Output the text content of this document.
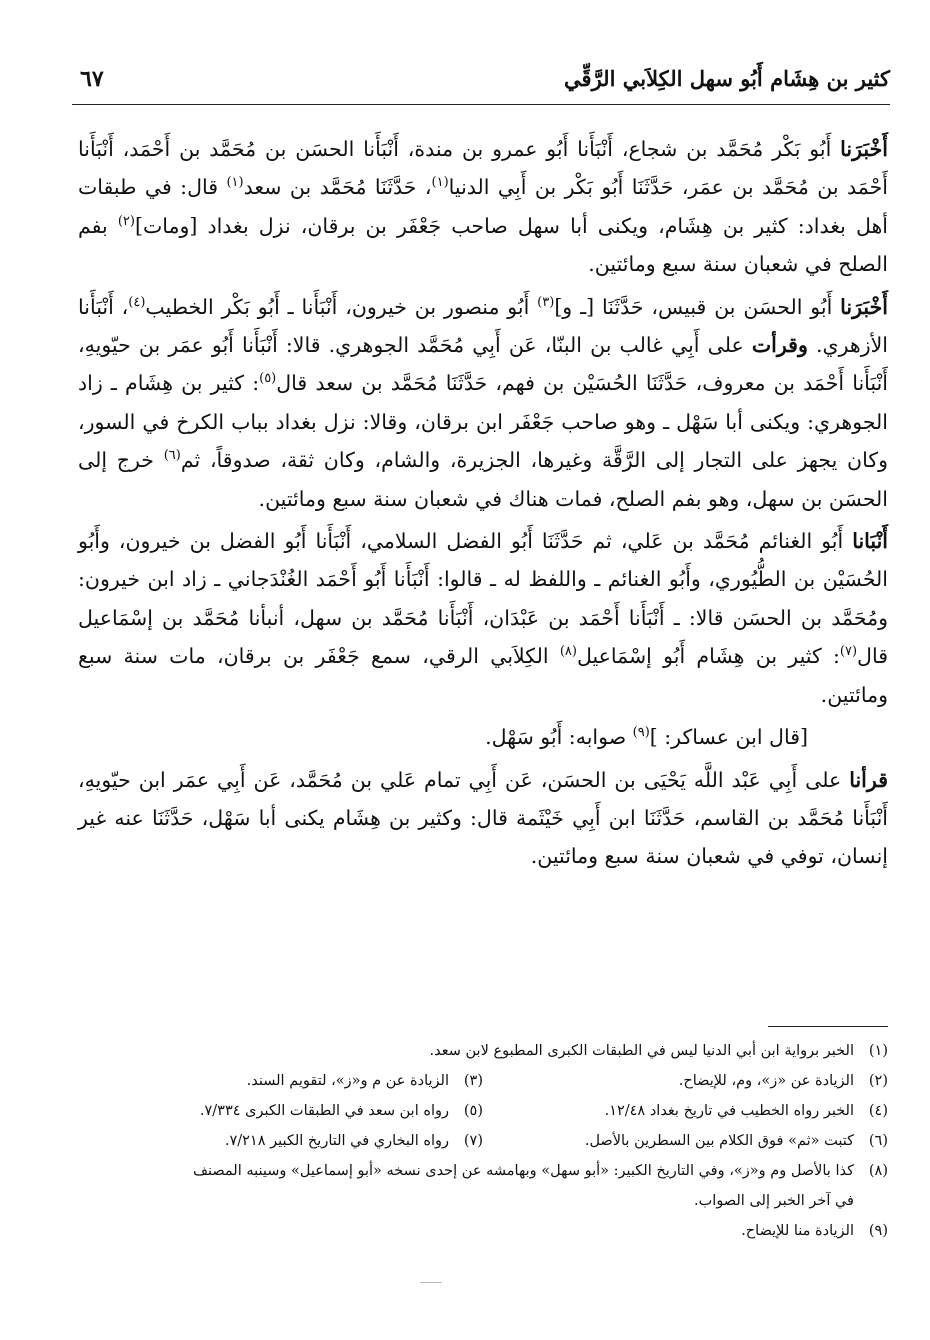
كثير بن هِشَام أَبُو سهل الكِلاَبي الرَّقِّي
٦٧

أَخْبَرَنا أَبُو بَكْر مُحَمَّد بن شجاع، أَنْبَأَنا أَبُو عمرو بن مندة، أَنْبَأَنا الحسَن بن مُحَمَّد بن أَحْمَد، أَنْبَأَنا أَحْمَد بن مُحَمَّد بن عمَر، حَدَّثَنَا أَبُو بَكْر بن أَبِي الدنيا$^{(١)}$، حَدَّثَنَا مُحَمَّد بن سعد$^{(١)}$ قال: في طبقات أهل بغداد: كثير بن هِشَام، ويكنى أبا سهل صاحب جَعْفَر بن برقان، نزل بغداد [ومات]$^{(٢)}$ بفم الصلح في شعبان سنة سبع ومائتين.

أَخْبَرَنا أَبُو الحسَن بن قبيس، حَدَّثَنَا [ـ و]$^{(٣)}$ أَبُو منصور بن خيرون، أَنْبَأَنا ـ أَبُو بَكْر الخطيب$^{(٤)}$، أَنْبَأَنا الأزهري. وقرأت على أَبِي غالب بن البنّا، عَن أَبِي مُحَمَّد الجوهري. قالا: أَنْبَأَنا أَبُو عمَر بن حيّويهِ، أَنْبَأَنا أَحْمَد بن معروف، حَدَّثَنَا الحُسَيْن بن فهم، حَدَّثَنَا مُحَمَّد بن سعد قال$^{(٥)}$: كثير بن هِشَام ـ زاد الجوهري: ويكنى أبا سَهْل ـ وهو صاحب جَعْفَر ابن برقان، وقالا: نزل بغداد بباب الكرخ في السور، وكان يجهز على التجار إلى الرَّقَّة وغيرها، الجزيرة، والشام، وكان ثقة، صدوقاً، ثم$^{(٦)}$ خرج إلى الحسَن بن سهل، وهو بفم الصلح، فمات هناك في شعبان سنة سبع ومائتين.

أَنْبَانا أَبُو الغنائم مُحَمَّد بن عَلي، ثم حَدَّثَنَا أَبُو الفضل السلامي، أَنْبَأَنا أَبُو الفضل بن خيرون، وأَبُو الحُسَيْن بن الطُّيُوري، وأَبُو الغنائم ـ واللفظ له ـ قالوا: أَنْبَأَنا أَبُو أَحْمَد الغُنْدَجاني ـ زاد ابن خيرون: ومُحَمَّد بن الحسَن قالا: ـ أَنْبَأَنا أَحْمَد بن عَبْدَان، أَنْبَأَنا مُحَمَّد بن سهل، أنبأنا مُحَمَّد بن إسْمَاعيل قال$^{(٧)}$: كثير بن هِشَام أَبُو إسْمَاعيل$^{(٨)}$ الكِلاَبي الرقي، سمع جَعْفَر بن برقان، مات سنة سبع ومائتين.

[قال ابن عساكر: ]$^{(٩)}$ صوابه: أَبُو سَهْل.

قرأنا على أَبِي عَبْد اللَّه يَحْيَى بن الحسَن، عَن أَبِي تمام عَلي بن مُحَمَّد، عَن أَبِي عمَر ابن حيّويهِ، أَنْبَأَنا مُحَمَّد بن القاسم، حَدَّثَنَا ابن أَبِي خَيْثَمة قال: وكثير بن هِشَام يكنى أبا سَهْل، حَدَّثَنَا عنه غير إنسان، توفي في شعبان سنة سبع ومائتين.

(١)
الخبر برواية ابن أبي الدنيا ليس في الطبقات الكبرى المطبوع لابن سعد.
(٢)
الزيادة عن «ز»، وم، للإيضاح.
(٣)
الزيادة عن م و«ز»، لتقويم السند.
(٤)
الخبر رواه الخطيب في تاريخ بغداد ١٢/٤٨.
(٥)
رواه ابن سعد في الطبقات الكبرى ٧/٣٣٤.
(٦)
كتبت «ثم» فوق الكلام بين السطرين بالأصل.
(٧)
رواه البخاري في التاريخ الكبير ٧/٢١٨.
(٨)
كذا بالأصل وم و«ز»، وفي التاريخ الكبير: «أبو سهل» وبهامشه عن إحدى نسخه «أبو إسماعيل» وسينبه المصنف
في آخر الخبر إلى الصواب.
(٩)
الزيادة منا للإيضاح.
